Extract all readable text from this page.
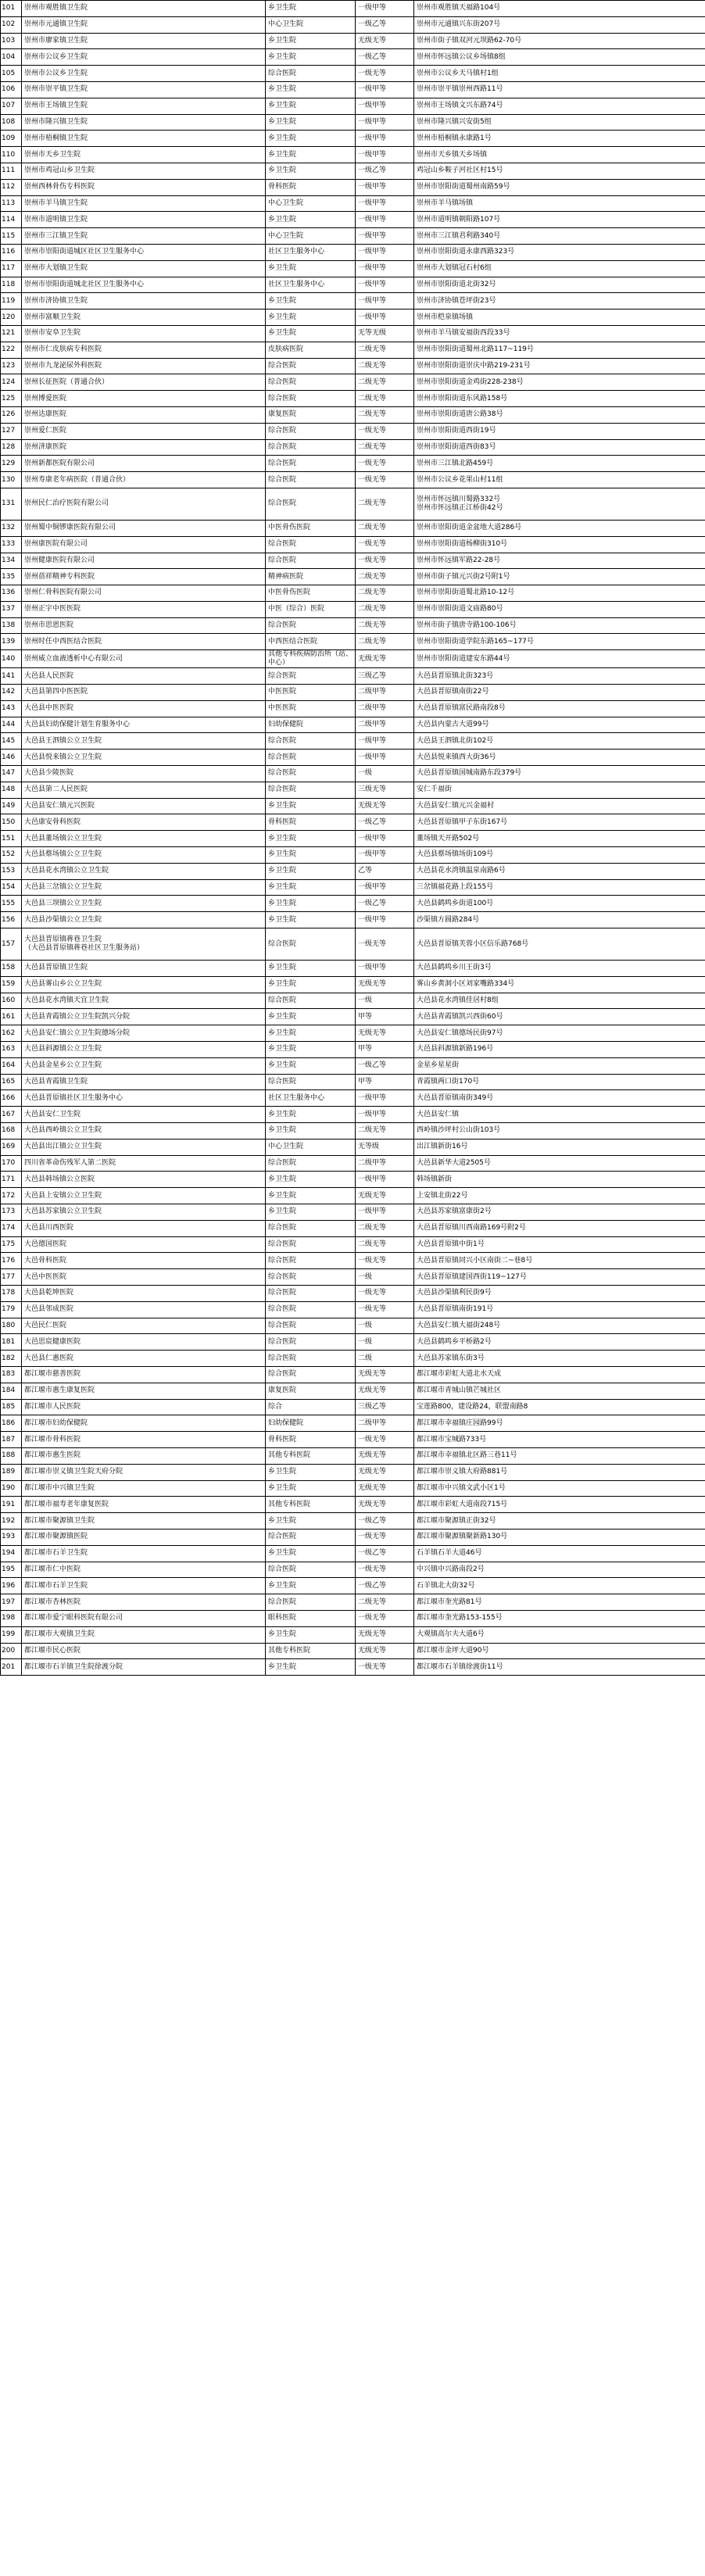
101	崇州市观胜镇卫生院	乡卫生院	一级甲等	崇州市观胜镇天福路104号
102	崇州市元通镇卫生院	中心卫生院	一级乙等	崇州市元通镇兴东街207号
103	崇州市廖家镇卫生院	乡卫生院	无级无等	崇州市街子镇双河元坝路62-70号
104	崇州市公议乡卫生院	乡卫生院	一级乙等	崇州市怀远镇公议乡场镇8组
105	崇州市公议乡卫生院	综合医院	一级无等	崇州市公议乡天马镇村1组
106	崇州市崇平镇卫生院	乡卫生院	一级甲等	崇州市崇平镇崇州西路11号
107	崇州市王场镇卫生院	乡卫生院	一级甲等	崇州市王场镇文兴东路74号
108	崇州市隆兴镇卫生院	乡卫生院	一级甲等	崇州市隆兴镇兴安街5组
109	崇州市梧桐镇卫生院	乡卫生院	一级甲等	崇州市梧桐镇永康路1号
110	崇州市天乡卫生院	乡卫生院	一级甲等	崇州市天乡镇天乡场镇
111	崇州市鸡冠山乡卫生院	乡卫生院	一级乙等	鸡冠山乡鞍子河社区村15号
112	崇州西林骨伤专科医院	骨科医院	一级甲等	崇州市崇阳街道蜀州南路59号
113	崇州市羊马镇卫生院	中心卫生院	一级甲等	崇州市羊马镇场镇
114	崇州市道明镇卫生院	乡卫生院	一级甲等	崇州市道明镇朝阳路107号
115	崇州市三江镇卫生院	中心卫生院	一级甲等	崇州市三江镇君利路340号
116	崇州市崇阳街道城区社区卫生服务中心	社区卫生服务中心	一级甲等	崇州市崇阳街道永康西路323号
117	崇州市大划镇卫生院	乡卫生院	一级甲等	崇州市大划镇冠石村6组
118	崇州市崇阳街道城北社区卫生服务中心	社区卫生服务中心	一级甲等	崇州市崇阳街道北街32号
119	崇州市济协镇卫生院	乡卫生院	一级甲等	崇州市济协镇苍坪街23号
120	崇州市富顺卫生院	乡卫生院	一级甲等	崇州市桤泉镇场镇
121	崇州市安阜卫生院	乡卫生院	无等无级	崇州市羊马镇安福街西段33号
122	崇州市仁皮肤病专科医院	皮肤病医院	二级无等	崇州市崇阳街道蜀州北路117~119号
123	崇州市九龙泌尿外科医院	综合医院	二级无等	崇州市崇阳街道崇庆中路219-231号
124	崇州长征医院（普通合伙）	综合医院	二级无等	崇州市崇阳街道金鸡街228-238号
125	崇州博爱医院	综合医院	二级无等	崇州市崇阳街道东风路158号
126	崇州达康医院	康复医院	二级无等	崇州市崇阳街道唐公路38号
127	崇州爱仁医院	综合医院	一级无等	崇州市崇阳街道西街19号
128	崇州济康医院	综合医院	二级无等	崇州市崇阳街道西街83号
129	崇州新都医院有限公司	综合医院	一级无等	崇州市三江镇北路459号
130	崇州寿康老年病医院（普通合伙）	综合医院	一级无等	崇州市公议乡花果山村11组
131	崇州民仁治疗医院有限公司	综合医院	二级无等	崇州市怀远镇川蜀路332号
崇州市怀远镇正江桥街42号

132	崇州蜀中铜锣康医院有限公司	中医骨伤医院	二级无等	崇州市崇阳街道金盆地大道286号
133	崇州康医院有限公司	综合医院	一级无等	崇州市崇阳街道杨柳街310号
134	崇州健康医院有限公司	综合医院	一级无等	崇州市怀远镇军路22-28号
135	崇州蓓祥精神专科医院	精神病医院	二级无等	崇州市街子镇元兴街2号附1号
136	崇州仁骨科医院有限公司	中医骨伤医院	二级无等	崇州市崇阳街道蜀北路10-12号
137	崇州正宇中医医院	中医（综合）医院	二级无等	崇州市崇阳街道文庙路80号
138	崇州市思恩医院	综合医院	二级无等	崇州市街子镇唐寺路100-106号
139	崇州时任中西医结合医院	中西医结合医院	二级无等	崇州市崇阳街道学院东路165~177号
140	崇州威立血液透析中心有限公司	其他专科疾病防治所（站、中心）	无级无等	崇州市崇阳街道建安东路44号
141	大邑县人民医院	综合医院	三级乙等	大邑县晋原镇北街323号
142	大邑县第四中医医院	中医医院	二级甲等	大邑县晋原镇南街22号
143	大邑县中医医院	中医医院	二级甲等	大邑县晋原镇富民路南段8号
144	大邑县妇幼保健计划生育服务中心	妇幼保健院	二级甲等	大邑县内蒙古大道99号
145	大邑县王泗镇公立卫生院	综合医院	一级甲等	大邑县王泗镇北街102号
146	大邑县悦来镇公立卫生院	综合医院	一级甲等	大邑县悦来镇西大街36号
147	大邑县少陵医院	综合医院	一级	大邑县晋原镇国城南路东段379号
148	大邑县第二人民医院	综合医院	三级无等	安仁千福街
149	大邑县安仁镇元兴医院	乡卫生院	无级无等	大邑县安仁镇元兴金福村
150	大邑康安骨科医院	骨科医院	一级乙等	大邑县晋原镇甲子东街167号
151	大邑县董场镇公立卫生院	乡卫生院	一级甲等	董场镇天开路502号
152	大邑县蔡场镇公立卫生院	乡卫生院	一级甲等	大邑县蔡场镇场街109号
153	大邑县花水湾镇公立卫生院	乡卫生院	乙等	大邑县花水湾镇温泉南路6号
154	大邑县三岔镇公立卫生院	乡卫生院	一级甲等	三岔镇福花路上段155号
155	大邑县三坝镇公立卫生院	乡卫生院	一级乙等	大邑县鹤鸣乡街道100号
156	大邑县沙渠镇公立卫生院	乡卫生院	一级甲等	沙渠镇方圆路284号
157	大邑县晋原镇蒋巷卫生院
（大邑县晋原镇蒋巷社区卫生服务站）	综合医院	一级无等	大邑县晋原镇芙蓉小区信乐路768号
158	大邑县晋原镇卫生院	乡卫生院	一级甲等	大邑县鹤鸣乡川王街3号
159	大邑县雾山乡公立卫生院	乡卫生院	无级无等	雾山乡黄洞小区刘家嘴路334号
160	大邑县花水湾镇天宜卫生院	综合医院	一级	大邑县花水湾镇佳居村8组
161	大邑县青霞镇公立卫生院凯兴分院	乡卫生院	甲等	大邑县青霞镇凯兴西街60号
162	大邑县安仁镇公立卫生院德场分院	乡卫生院	无级无等	大邑县安仁镇德场民街97号
163	大邑县斜源镇公立卫生院	乡卫生院	甲等	大邑县斜源镇新路196号
164	大邑县金星乡公立卫生院	乡卫生院	一级乙等	金星乡星星街
165	大邑县青霞镇卫生院	综合医院	甲等	青霞镇两口街170号
166	大邑县晋原镇社区卫生服务中心	社区卫生服务中心	一级甲等	大邑县晋原镇南街349号
167	大邑县安仁卫生院	乡卫生院	一级甲等	大邑县安仁镇
168	大邑县西岭镇公立卫生院	乡卫生院	二级无等	西岭镇沙坪村公山街103号
169	大邑县出江镇公立卫生院	中心卫生院	无等级	出江镇新街16号
170	四川省革命伤残军人第二医院	综合医院	二级甲等	大邑县新华大道2505号
171	大邑县韩场镇公立医院	乡卫生院	一级甲等	韩场镇新街
172	大邑县上安镇公立卫生院	乡卫生院	无级无等	上安镇北街22号
173	大邑县苏家镇公立卫生院	乡卫生院	一级甲等	大邑县苏家镇富康街2号
174	大邑县川西医院	综合医院	二级无等	大邑县晋原镇川西南路169号附2号
175	大邑德国医院	综合医院	二级无等	大邑县晋原镇中街1号
176	大邑骨科医院	综合医院	一级无等	大邑县晋原镇同兴小区南街二~巷8号
177	大邑中医医院	综合医院	一级	大邑县晋原镇建国西街119~127号
178	大邑县乾坤医院	综合医院	一级无等	大邑县沙渠镇利民街9号
179	大邑县邻成医院	综合医院	一级无等	大邑县晋原镇南街191号
180	大邑民仁医院	综合医院	一级	大邑县安仁镇大福街248号
181	大邑思宸健康医院	综合医院	一级	大邑县鹤鸣乡平桥路2号
182	大邑县仁惠医院	综合医院	二级	大邑县苏家镇东街3号
183	都江堰市慈善医院	综合医院	无级无等	都江堰市彩虹大道北水天成
184	都江堰市惠生康复医院	康复医院	无级无等	都江堰市青城山镇芒城社区
185	都江堰市人民医院	综合	三级乙等	宝莲路800，建设路24，联盟南路8
186	都江堰市妇幼保健院	妇幼保健院	二级甲等	都江堰市幸福镇庄园路99号
187	都江堰市骨科医院	骨科医院	一级无等	都江堰市宝城路733号
188	都江堰市惠生医院	其他专科医院	无级无等	都江堰市幸福镇北区路三巷11号
189	都江堰市崇义镇卫生院天府分院	乡卫生院	无级无等	都江堰市崇义镇大府路881号
190	都江堰市中兴镇卫生院	乡卫生院	无级无等	都江堰市中兴镇文武小区1号
191	都江堰市福寿老年康复医院	其他专科医院	无级无等	都江堰市彩虹大道南段715号
192	都江堰市聚源镇卫生院	乡卫生院	一级乙等	都江堰市聚源镇正街32号
193	都江堰市聚源镇医院	综合医院	一级无等	都江堰市聚源镇聚新路130号
194	都江堰市石羊卫生院	乡卫生院	一级乙等	石羊镇石羊大道46号
195	都江堰市仁中医院	综合医院	一级无等	中兴镇中兴路南段2号
196	都江堰市石羊卫生院	乡卫生院	一级乙等	石羊镇北大街32号
197	都江堰市杏林医院	综合医院	二级无等	都江堰市奎光路81号
198	都江堰市爱宁眼科医院有限公司	眼科医院	一级无等	都江堰市奎光路153-155号
199	都江堰市大观镇卫生院	乡卫生院	无级无等	大观镇高尔夫大道6号
200	都江堰市民心医院	其他专科医院	无级无等	都江堰市金坪大道90号
201	都江堰市石羊镇卫生院徐渡分院	乡卫生院	一级无等	都江堰市石羊镇徐渡街11号
